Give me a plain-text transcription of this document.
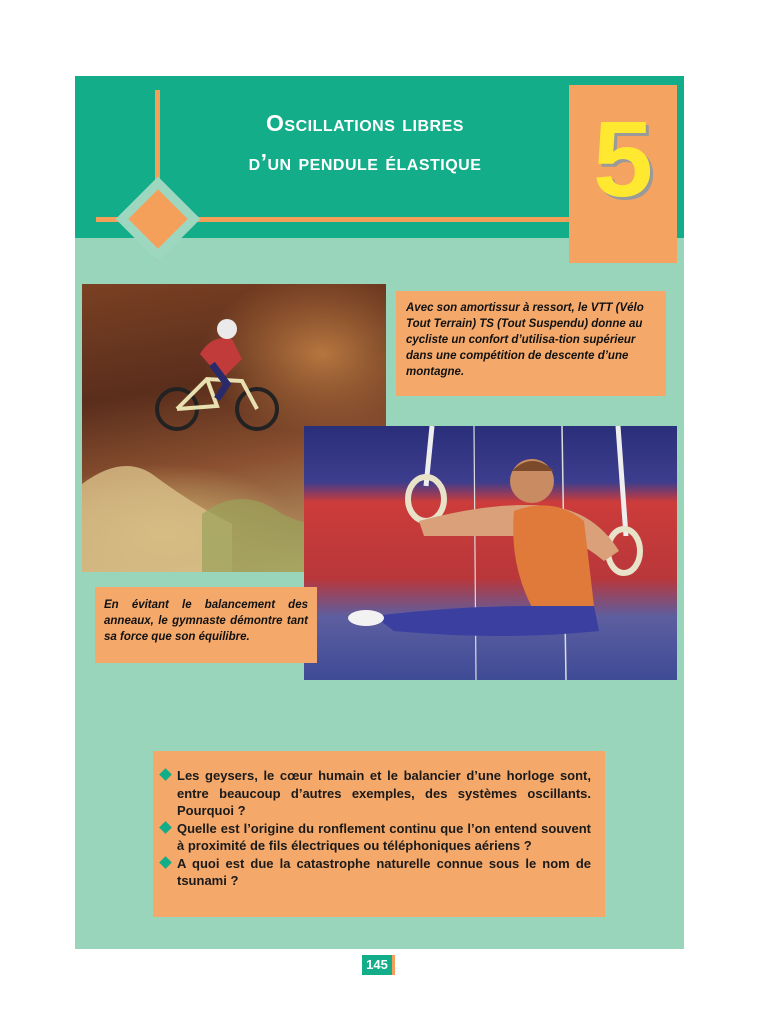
Oscillations libres
d’un pendule élastique	5
Avec son amortissur à ressort, le VTT (Vélo Tout Terrain) TS (Tout Suspendu) donne au cycliste un confort d’utilisa-tion supérieur dans une compétition de descente d’une montagne.
En évitant le balancement des anneaux, le gymnaste démontre tant sa force que son équilibre.

Les geysers, le cœur humain et le balancier d’une horloge sont, entre beaucoup d’autres exemples, des systèmes oscillants. Pourquoi ?

Quelle est l’origine du ronflement continu que l’on entend souvent à proximité de fils électriques ou téléphoniques aériens ?

A quoi est due la catastrophe naturelle connue sous le nom de tsunami ?

145
